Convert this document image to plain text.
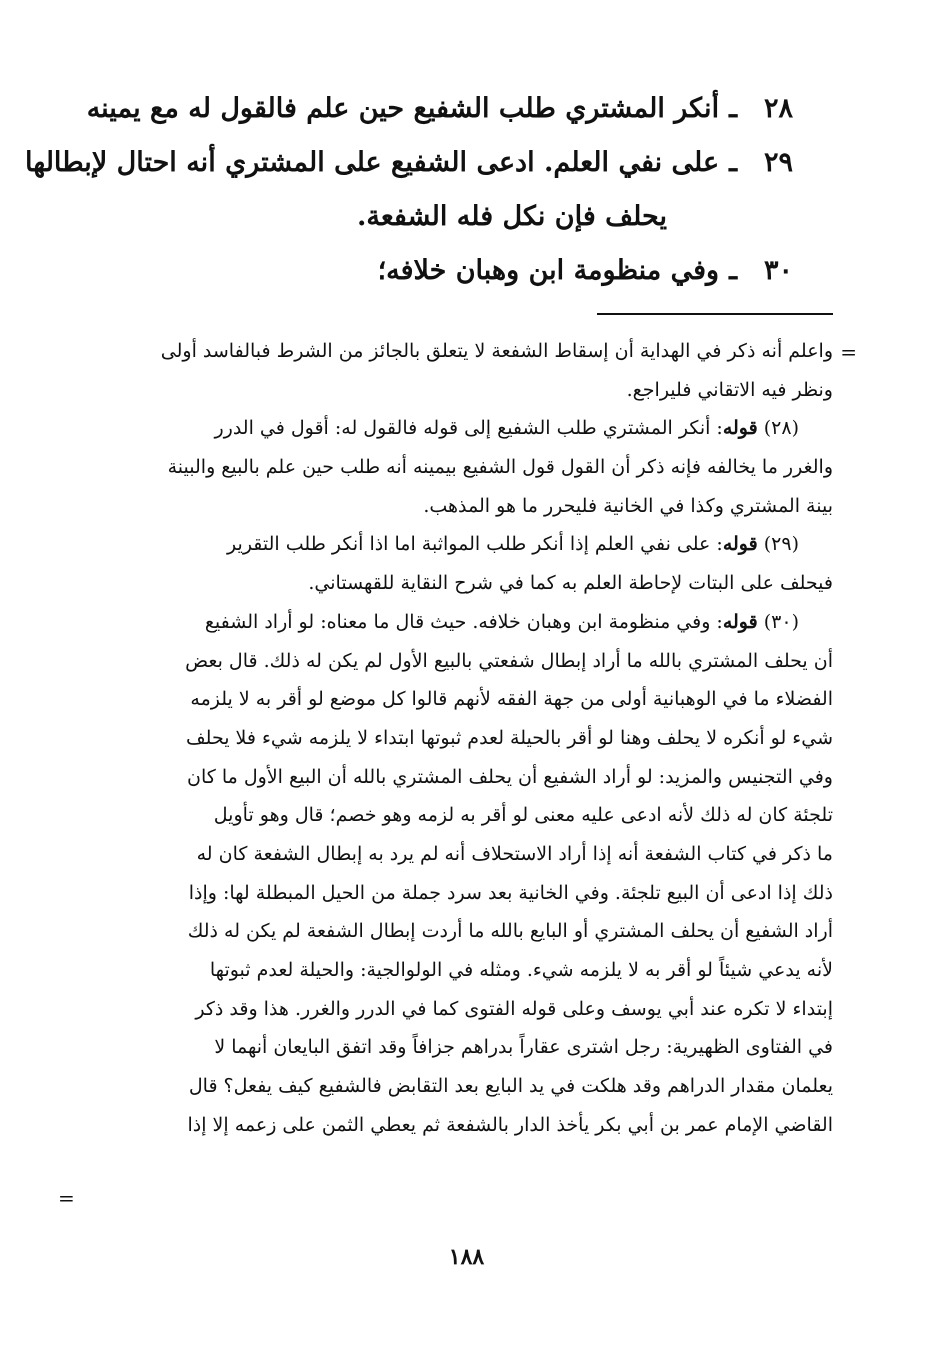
٢٨ـأنكر المشتري طلب الشفيع حين علم فالقول له مع يمينه
٢٩ـعلى نفي العلم. ادعى الشفيع على المشتري أنه احتال لإبطالها
يحلف فإن نكل فله الشفعة.
٣٠ـوفي منظومة ابن وهبان خلافه؛
=
واعلم أنه ذكر في الهداية أن إسقاط الشفعة لا يتعلق بالجائز من الشرط فبالفاسد أولى
ونظر فيه الاتقاني فليراجع.
(٢٨) قوله: أنكر المشتري طلب الشفيع إلى قوله فالقول له: أقول في الدرر
والغرر ما يخالفه فإنه ذكر أن القول قول الشفيع بيمينه أنه طلب حين علم بالبيع والبينة
بينة المشتري وكذا في الخانية فليحرر ما هو المذهب.
(٢٩) قوله: على نفي العلم إذا أنكر طلب المواثبة اما اذا أنكر طلب التقرير
فيحلف على البتات لإحاطة العلم به كما في شرح النقاية للقهستاني.
(٣٠) قوله: وفي منظومة ابن وهبان خلافه. حيث قال ما معناه: لو أراد الشفيع
أن يحلف المشتري بالله ما أراد إبطال شفعتي بالبيع الأول لم يكن له ذلك. قال بعض
الفضلاء ما في الوهبانية أولى من جهة الفقه لأنهم قالوا كل موضع لو أقر به لا يلزمه
شيء لو أنكره لا يحلف وهنا لو أقر بالحيلة لعدم ثبوتها ابتداء لا يلزمه شيء فلا يحلف
وفي التجنيس والمزيد: لو أراد الشفيع أن يحلف المشتري بالله أن البيع الأول ما كان
تلجئة كان له ذلك لأنه ادعى عليه معنى لو أقر به لزمه وهو خصم؛ قال وهو تأويل
ما ذكر في كتاب الشفعة أنه إذا أراد الاستحلاف أنه لم يرد به إبطال الشفعة كان له
ذلك إذا ادعى أن البيع تلجئة. وفي الخانية بعد سرد جملة من الحيل المبطلة لها: وإذا
أراد الشفيع أن يحلف المشتري أو البايع بالله ما أردت إبطال الشفعة لم يكن له ذلك
لأنه يدعي شيئاً لو أقر به لا يلزمه شيء. ومثله في الولوالجية: والحيلة لعدم ثبوتها
إبتداء لا تكره عند أبي يوسف وعلى قوله الفتوى كما في الدرر والغرر. هذا وقد ذكر
في الفتاوى الظهيرية: رجل اشترى عقاراً بدراهم جزافاً وقد اتفق البايعان أنهما لا
يعلمان مقدار الدراهم وقد هلكت في يد البايع بعد التقابض فالشفيع كيف يفعل؟ قال
القاضي الإمام عمر بن أبي بكر يأخذ الدار بالشفعة ثم يعطي الثمن على زعمه إلا إذا
=
١٨٨
